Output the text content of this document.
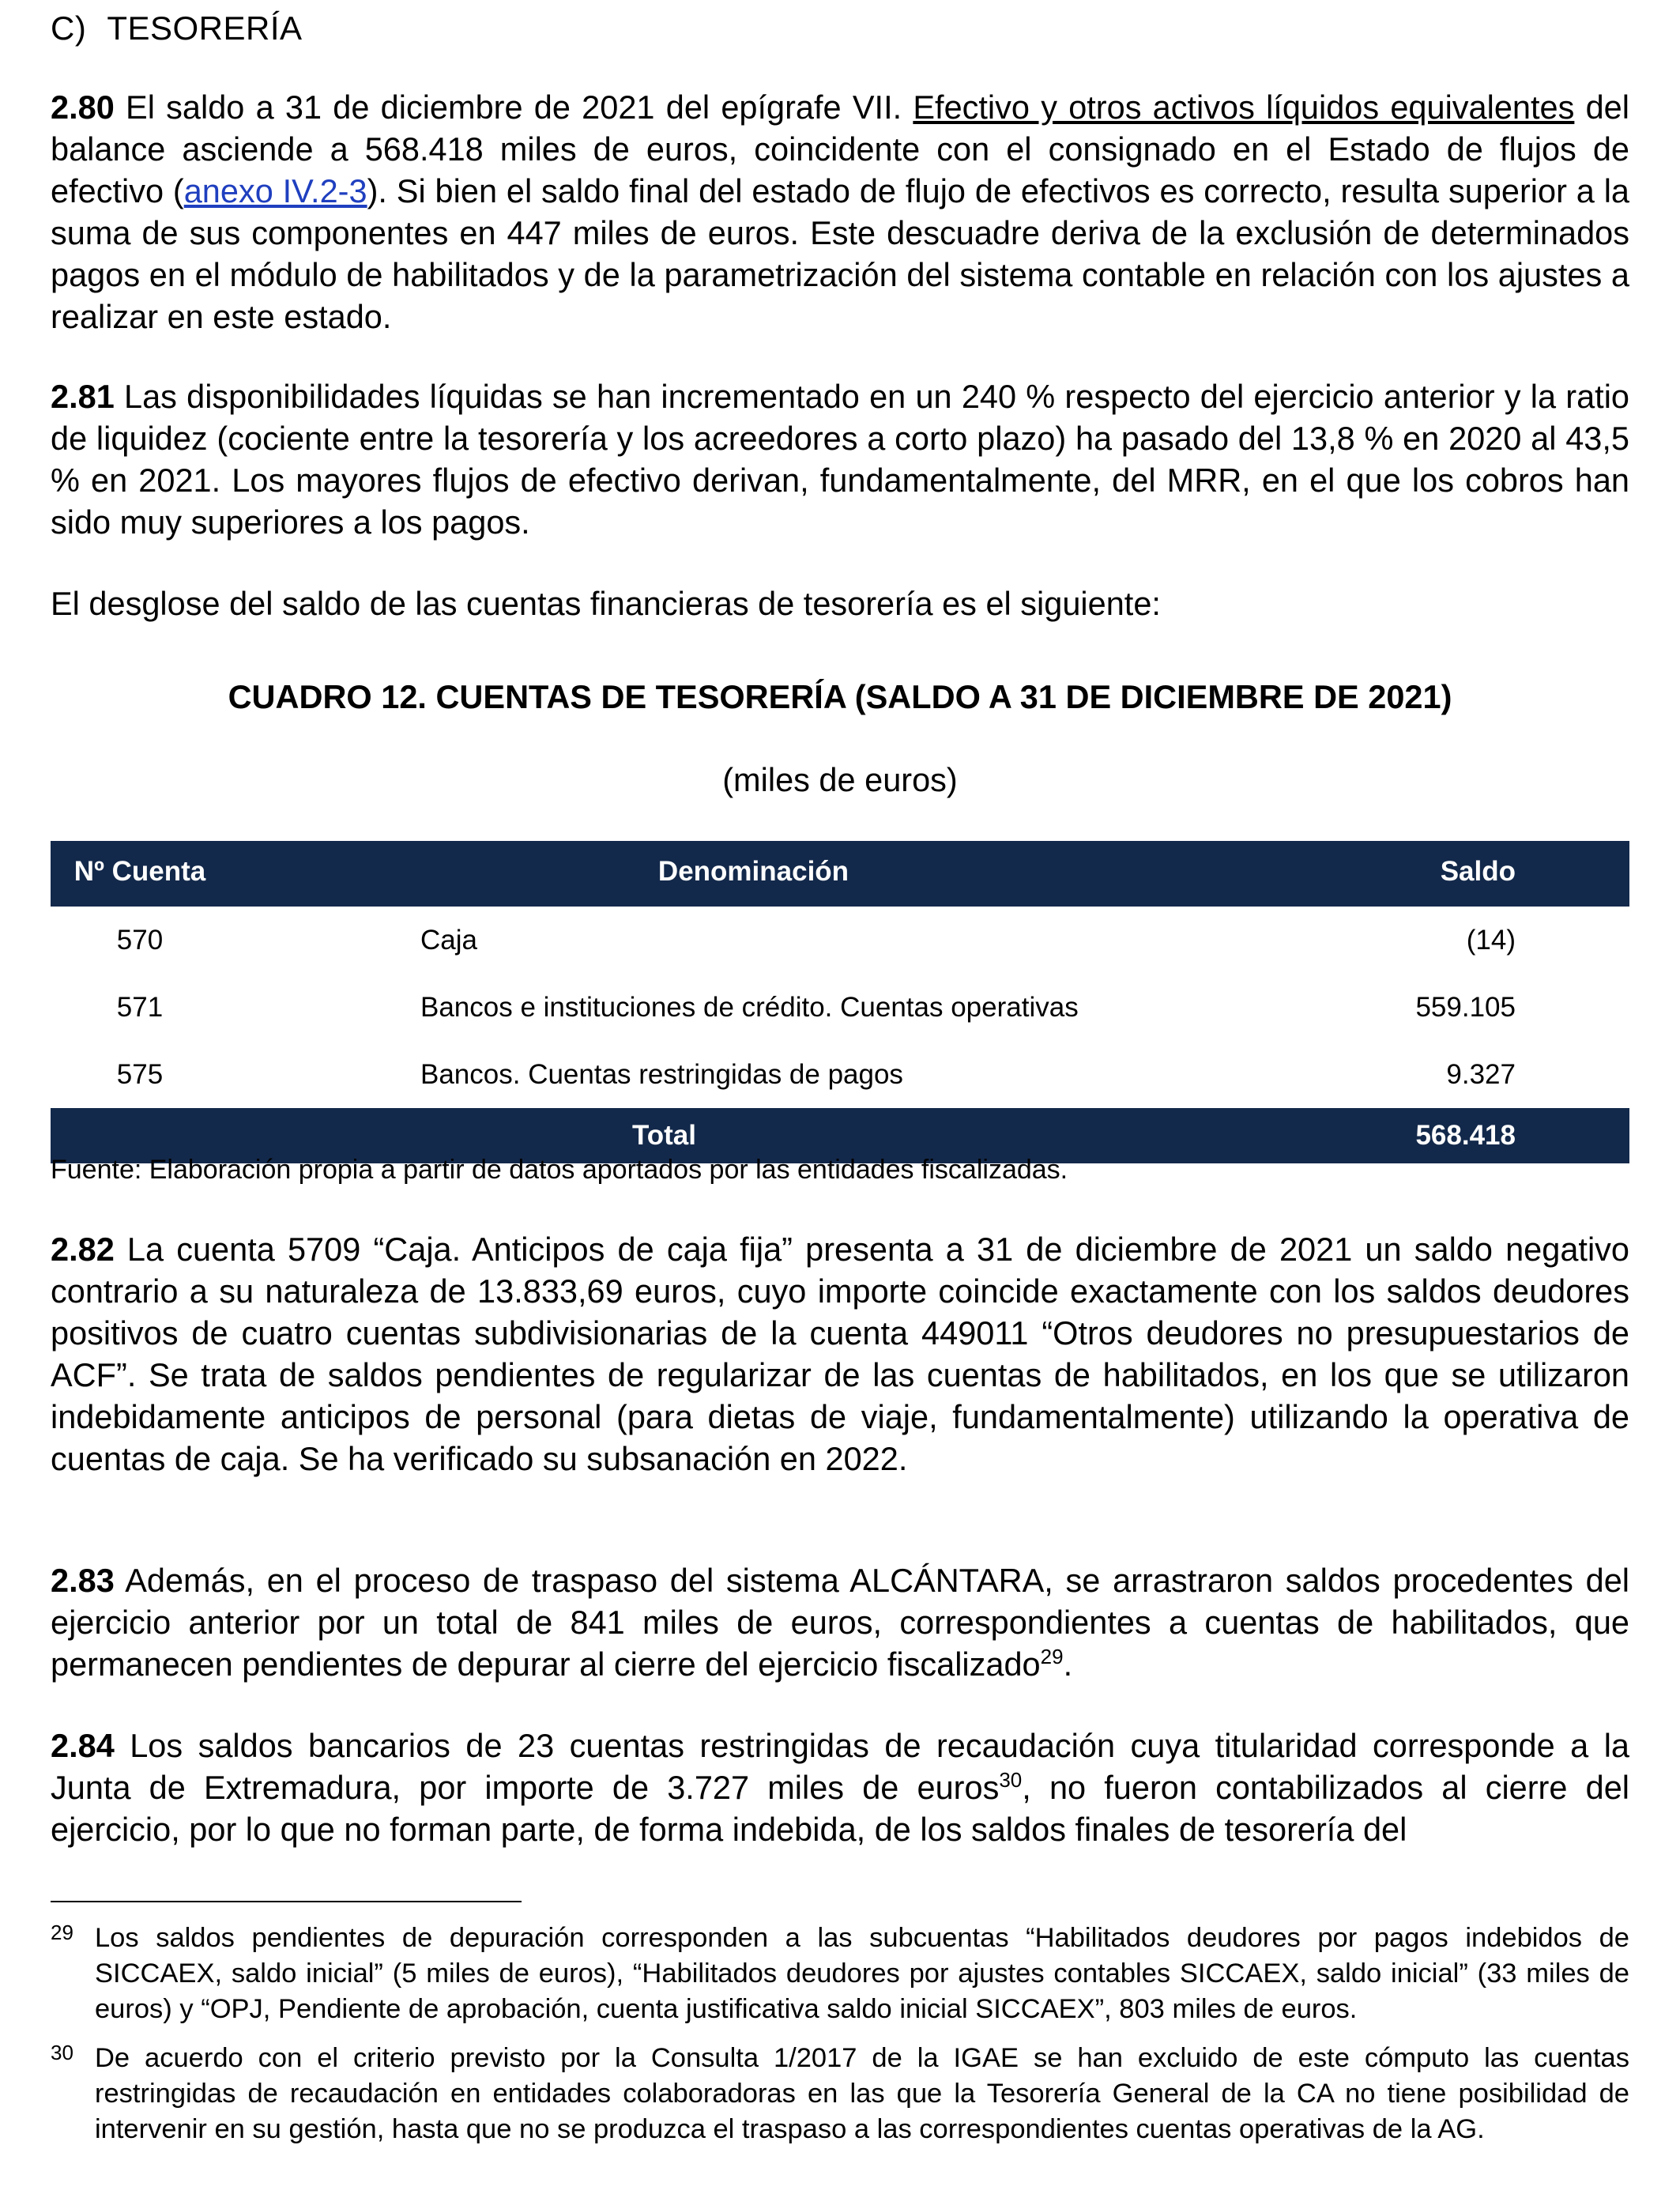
C) TESORERÍA

2.80 El saldo a 31 de diciembre de 2021 del epígrafe VII. Efectivo y otros activos líquidos equivalentes del balance asciende a 568.418 miles de euros, coincidente con el consignado en el Estado de flujos de efectivo (anexo IV.2-3). Si bien el saldo final del estado de flujo de efectivos es correcto, resulta superior a la suma de sus componentes en 447 miles de euros. Este descuadre deriva de la exclusión de determinados pagos en el módulo de habilitados y de la parametrización del sistema contable en relación con los ajustes a realizar en este estado.

2.81 Las disponibilidades líquidas se han incrementado en un 240 % respecto del ejercicio anterior y la ratio de liquidez (cociente entre la tesorería y los acreedores a corto plazo) ha pasado del 13,8 % en 2020 al 43,5 % en 2021. Los mayores flujos de efectivo derivan, fundamentalmente, del MRR, en el que los cobros han sido muy superiores a los pagos.

El desglose del saldo de las cuentas financieras de tesorería es el siguiente:

CUADRO 12. CUENTAS DE TESORERÍA (SALDO A 31 DE DICIEMBRE DE 2021)
(miles de euros)
Nº Cuenta	Denominación	Saldo
570	Caja	(14)
571	Bancos e instituciones de crédito. Cuentas operativas	559.105
575	Bancos. Cuentas restringidas de pagos	9.327
Total		568.418
Fuente: Elaboración propia a partir de datos aportados por las entidades fiscalizadas.

2.82 La cuenta 5709 “Caja. Anticipos de caja fija” presenta a 31 de diciembre de 2021 un saldo negativo contrario a su naturaleza de 13.833,69 euros, cuyo importe coincide exactamente con los saldos deudores positivos de cuatro cuentas subdivisionarias de la cuenta 449011 “Otros deudores no presupuestarios de ACF”. Se trata de saldos pendientes de regularizar de las cuentas de habilitados, en los que se utilizaron indebidamente anticipos de personal (para dietas de viaje, fundamentalmente) utilizando la operativa de cuentas de caja. Se ha verificado su subsanación en 2022.

2.83 Además, en el proceso de traspaso del sistema ALCÁNTARA, se arrastraron saldos procedentes del ejercicio anterior por un total de 841 miles de euros, correspondientes a cuentas de habilitados, que permanecen pendientes de depurar al cierre del ejercicio fiscalizado$^{29}$.

2.84 Los saldos bancarios de 23 cuentas restringidas de recaudación cuya titularidad corresponde a la Junta de Extremadura, por importe de 3.727 miles de euros$^{30}$, no fueron contabilizados al cierre del ejercicio, por lo que no forman parte, de forma indebida, de los saldos finales de tesorería del

29 Los saldos pendientes de depuración corresponden a las subcuentas “Habilitados deudores por pagos indebidos de SICCAEX, saldo inicial” (5 miles de euros), “Habilitados deudores por ajustes contables SICCAEX, saldo inicial” (33 miles de euros) y “OPJ, Pendiente de aprobación, cuenta justificativa saldo inicial SICCAEX”, 803 miles de euros.
30 De acuerdo con el criterio previsto por la Consulta 1/2017 de la IGAE se han excluido de este cómputo las cuentas restringidas de recaudación en entidades colaboradoras en las que la Tesorería General de la CA no tiene posibilidad de intervenir en su gestión, hasta que no se produzca el traspaso a las correspondientes cuentas operativas de la AG.
